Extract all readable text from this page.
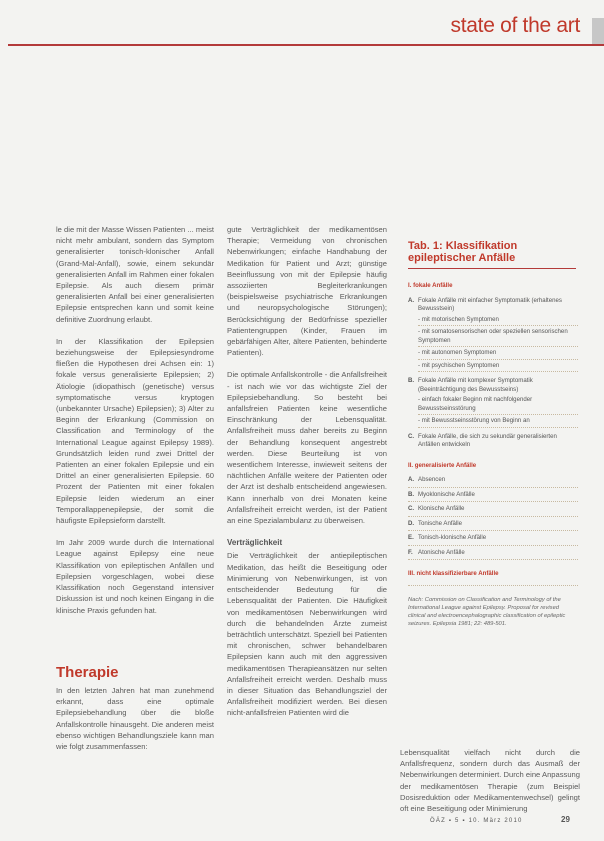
state of the art

le die mit der Masse Wissen Patienten ... meist nicht mehr ambulant, sondern das Symptom generalisierter tonisch-klonischer Anfall (Grand-Mal-Anfall), sowie, einem sekundär generalisierten Anfall im Rahmen einer fokalen Epilepsie. Als auch diesem primär generalisierten Anfall bei einer generalisierten Epilepsie entsprechen kann und somit keine definitive Zuordnung erlaubt.

In der Klassifikation der Epilepsien beziehungsweise der Epilepsiesyndrome fließen die Hypothesen drei Achsen ein: 1) fokale versus generalisierte Epilepsien; 2) Ätiologie (idiopathisch (genetische) versus symptomatische versus kryptogen (unbekannter Ursache) Epilepsien); 3) Alter zu Beginn der Erkrankung (Commission on Classification and Terminology of the International League against Epilepsy 1989). Grundsätzlich leiden rund zwei Drittel der Patienten an einer fokalen Epilepsie und ein Drittel an einer generalisierten Epilepsie. 60 Prozent der Patienten mit einer fokalen Epilepsie leiden wiederum an einer Temporallappenepilepsie, der somit die häufigste Epilepsieform darstellt.

Im Jahr 2009 wurde durch die International League against Epilepsy eine neue Klassifikation von epileptischen Anfällen und Epilepsien vorgeschlagen, wobei diese Klassifikation noch Gegenstand intensiver Diskussion ist und noch keinen Eingang in die klinische Praxis gefunden hat.

Therapie

In den letzten Jahren hat man zunehmend erkannt, dass eine optimale Epilepsiebehandlung über die bloße Anfallskontrolle hinausgeht. Die anderen meist ebenso wichtigen Behandlungsziele kann man wie folgt zusammenfassen:

gute Verträglichkeit der medikamentösen Therapie; Vermeidung von chronischen Nebenwirkungen; einfache Handhabung der Medikation für Patient und Arzt; günstige Beeinflussung von mit der Epilepsie häufig assoziierten Begleiterkrankungen (beispielsweise psychiatrische Erkrankungen und neuropsychologische Störungen); Berücksichtigung der Bedürfnisse spezieller Patientengruppen (Kinder, Frauen im gebärfähigen Alter, ältere Patienten, behinderte Patienten).

Die optimale Anfallskontrolle - die Anfallsfreiheit - ist nach wie vor das wichtigste Ziel der Epilepsiebehandlung. So besteht bei anfallsfreien Patienten keine wesentliche Einschränkung der Lebensqualität. Anfallsfreiheit muss daher bereits zu Beginn der Behandlung konsequent angestrebt werden. Diese Beurteilung ist von wesentlichem Interesse, inwieweit seitens der nächtlichen Anfälle weitere der Patienten oder der Arzt ist deshalb entscheidend angewiesen. Kann innerhalb von drei Monaten keine Anfallsfreiheit erreicht werden, ist der Patient an eine Spezialambulanz zu überweisen.

Verträglichkeit

Die Verträglichkeit der antiepileptischen Medikation, das heißt die Beseitigung oder Minimierung von Nebenwirkungen, ist von entscheidender Bedeutung für die Lebensqualität der Patienten. Die Häufigkeit von medikamentösen Nebenwirkungen wird durch die behandelnden Ärzte zumeist beträchtlich unterschätzt. Speziell bei Patienten mit chronischen, schwer behandelbaren Epilepsien kann auch mit den aggressiven medikamentösen Therapieansätzen nur selten Anfallsfreiheit erreicht werden. Deshalb muss in dieser Situation das Behandlungsziel der Anfallsfreiheit modifiziert werden. Bei diesen nicht-anfallsfreien Patienten wird die

Tab. 1: Klassifikation epileptischer Anfälle
I. fokale Anfälle
A. Fokale Anfälle mit einfacher Symptomatik (erhaltenes Bewusstsein)
- mit motorischen Symptomen
- mit somatosensorischen oder speziellen sensorischen Symptomen
- mit autonomen Symptomen
- mit psychischen Symptomen
B. Fokale Anfälle mit komplexer Symptomatik (Beeinträchtigung des Bewusstseins)
- einfach fokaler Beginn mit nachfolgender Bewusstseinsstörung
- mit Bewusstseinsstörung von Beginn an
C. Fokale Anfälle, die sich zu sekundär generalisierten Anfällen entwickeln
II. generalisierte Anfälle
A. Absencen
B. Myoklonische Anfälle
C. Klonische Anfälle
D. Tonische Anfälle
E. Tonisch-klonische Anfälle
F. Atonische Anfälle
III. nicht klassifizierbare Anfälle
Nach: Commission on Classification and Terminology of the International League against Epilepsy. Proposal for revised clinical and electroencephalographic classification of epileptic seizures. Epilepsia 1981; 22: 489-501.

Lebensqualität vielfach nicht durch die Anfallsfrequenz, sondern durch das Ausmaß der Nebenwirkungen determiniert. Durch eine Anpassung der medikamentösen Therapie (zum Beispiel Dosisreduktion oder Medikamentenwechsel) gelingt oft eine Beseitigung oder Minimierung

ÖÄZ ▪ 5 ▪ 10. März 2010	29
